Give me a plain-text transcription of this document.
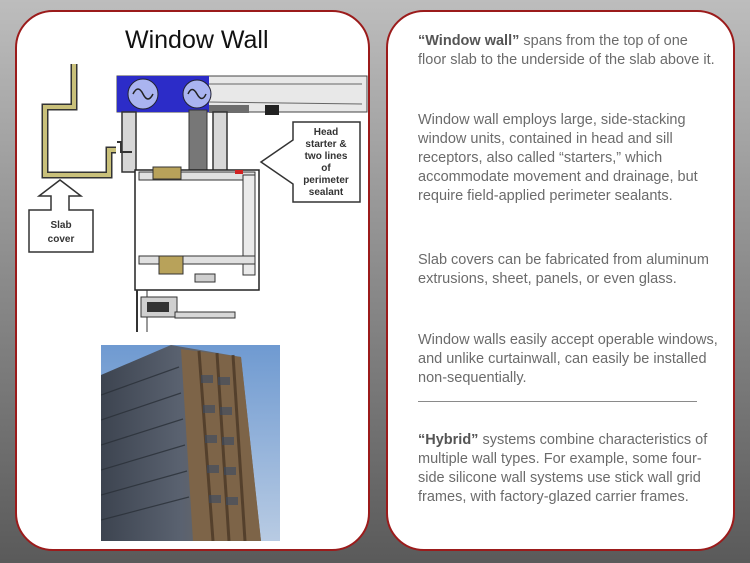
Window Wall
Head
starter &
two lines
of
perimeter
sealant
Slab
cover
“Window wall” spans from the top of one floor slab to the underside of the slab above it.
Window wall employs large, side-stacking window units, contained in head and sill receptors, also called “starters,” which accommodate movement and drainage, but require field-applied perimeter sealants.
Slab covers can be fabricated from aluminum extrusions, sheet, panels, or even glass.
Window walls easily accept operable windows, and unlike curtainwall, can easily be installed non-sequentially.
“Hybrid” systems combine characteristics of multiple wall types. For example, some four-side silicone wall systems use stick wall grid frames, with factory-glazed carrier frames.
